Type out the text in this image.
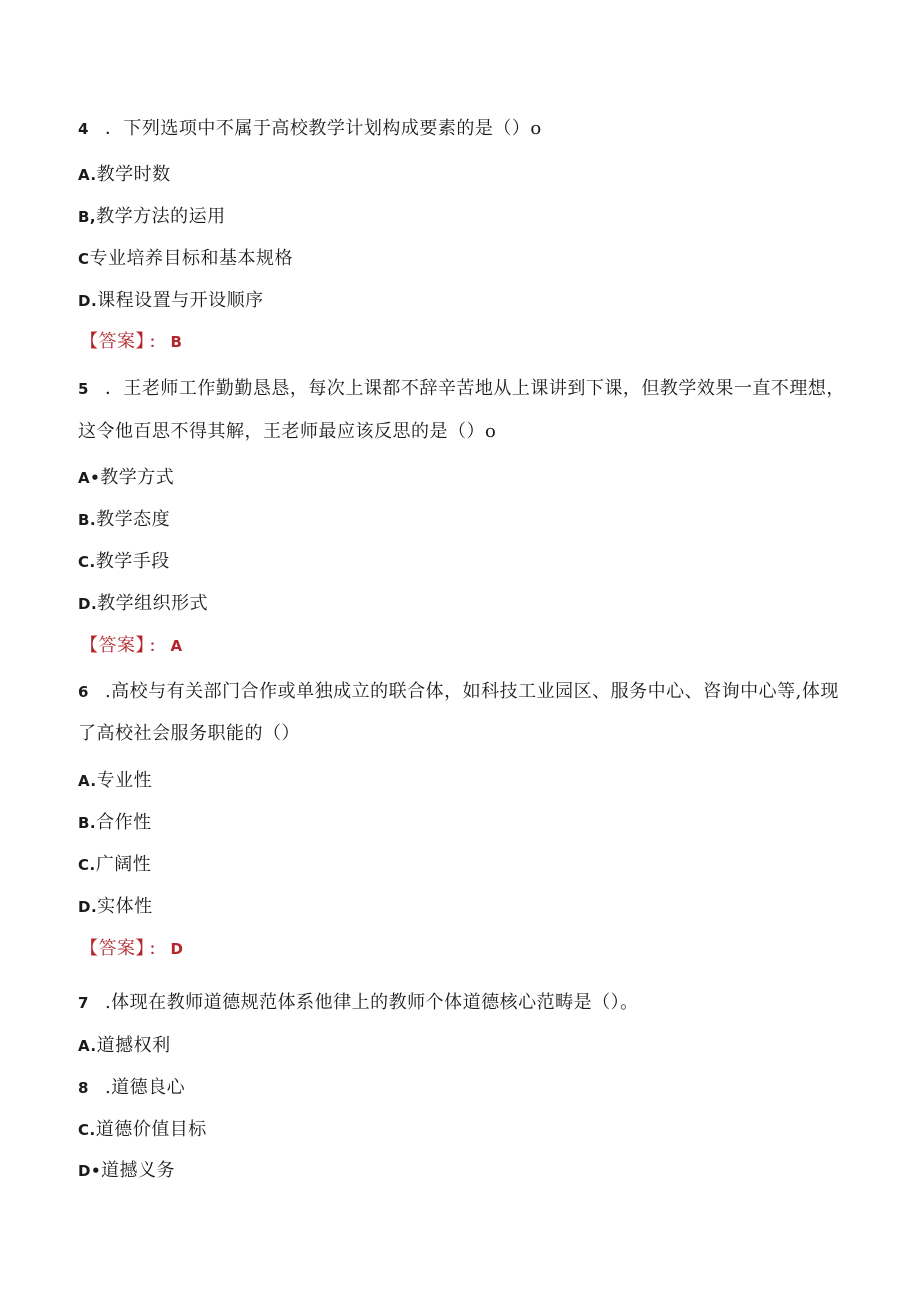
4 ．下列选项中不属于高校教学计划构成要素的是（）o
A.教学时数
B,教学方法的运用
C专业培养目标和基本规格
D.课程设置与开设顺序
【答案】 ： B
5 ．王老师工作勤勤恳恳，每次上课都不辞辛苦地从上课讲到下课，但教学效果一直不理想，
这令他百思不得其解，王老师最应该反思的是（）o
A•教学方式
B.教学态度
C.教学手段
D.教学组织形式
【答案】 ： A
6 .高校与有关部门合作或单独成立的联合体，如科技工业园区、服务中心、咨询中心等,体现
了高校社会服务职能的（）
A.专业性
B.合作性
C.广阔性
D.实体性
【答案】 ： D
7 .体现在教师道德规范体系他律上的教师个体道德核心范畴是（）。
A.道撼权利
8 .道德良心
C.道德价值目标
D•道撼义务
